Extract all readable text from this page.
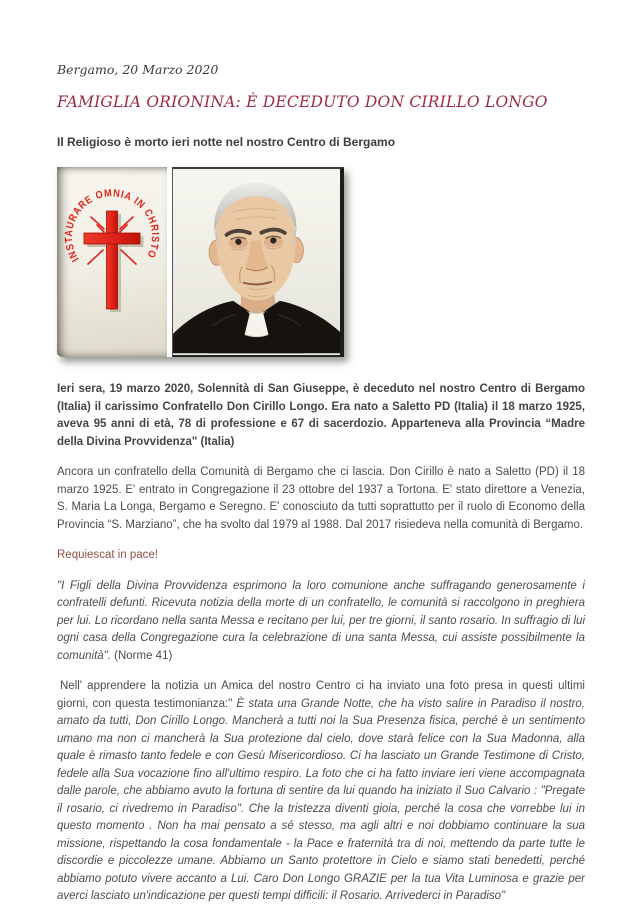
Bergamo, 20 Marzo 2020

FAMIGLIA ORIONINA: È DECEDUTO DON CIRILLO LONGO
Il Religioso è morto ieri notte nel nostro Centro di Bergamo
INSTAURARE OMNIA IN CHRISTO

Ieri sera, 19 marzo 2020, Solennità di San Giuseppe, è deceduto nel nostro Centro di Bergamo (Italia) il carissimo Confratello Don Cirillo Longo. Era nato a Saletto PD (Italia) il 18 marzo 1925, aveva 95 anni di età, 78 di professione e 67 di sacerdozio. Apparteneva alla Provincia “Madre della Divina Provvidenza" (Italia)

Ancora un confratello della Comunità di Bergamo che ci lascia. Don Cirillo è nato a Saletto (PD) il 18 marzo 1925. E' entrato in Congregazione il 23 ottobre del 1937 a Tortona. E' stato direttore a Venezia, S. Maria La Longa, Bergamo e Seregno. E' conosciuto da tutti soprattutto per il ruolo di Economo della Provincia “S. Marziano”, che ha svolto dal 1979 al 1988. Dal 2017 risiedeva nella comunità di Bergamo.

Requiescat in pace!

"I Figli della Divina Provvidenza esprimono la loro comunione anche suffragando generosamente i confratelli defunti. Ricevuta notizia della morte di un confratello, le comunità si raccolgono in preghiera per lui. Lo ricordano nella santa Messa e recitano per lui, per tre giorni, il santo rosario. In suffragio di lui ogni casa della Congregazione cura la celebrazione di una santa Messa, cui assiste possibilmente la comunità". (Norme 41)

Nell' apprendere la notizia un Amica del nostro Centro ci ha inviato una foto presa in questi ultimi giorni, con questa testimonianza:" È stata una Grande Notte, che ha visto salire in Paradiso il nostro, amato da tutti, Don Cirillo Longo. Mancherà a tutti noi la Sua Presenza fisica, perché è un sentimento umano ma non ci mancherà la Sua protezione dal cielo, dove starà felice con la Sua Madonna, alla quale è rimasto tanto fedele e con Gesù Misericordioso. Ci ha lasciato un Grande Testimone di Cristo, fedele alla Sua vocazione fino all'ultimo respiro. La foto che ci ha fatto inviare ieri viene accompagnata dalle parole, che abbiamo avuto la fortuna di sentire da lui quando ha iniziato il Suo Calvario : "Pregate il rosario, ci rivedremo in Paradiso". Che la tristezza diventi gioia, perché la cosa che vorrebbe lui in questo momento . Non ha mai pensato a sé stesso, ma agli altri e noi dobbiamo continuare la sua missione, rispettando la cosa fondamentale - la Pace e fraternità tra di noi, mettendo da parte tutte le discordie e piccolezze umane. Abbiamo un Santo protettore in Cielo e siamo stati benedetti, perché abbiamo potuto vivere accanto a Lui. Caro Don Longo GRAZIE per la tua Vita Luminosa e grazie per averci lasciato un'indicazione per questi tempi difficili: il Rosario. Arrivederci in Paradiso"
